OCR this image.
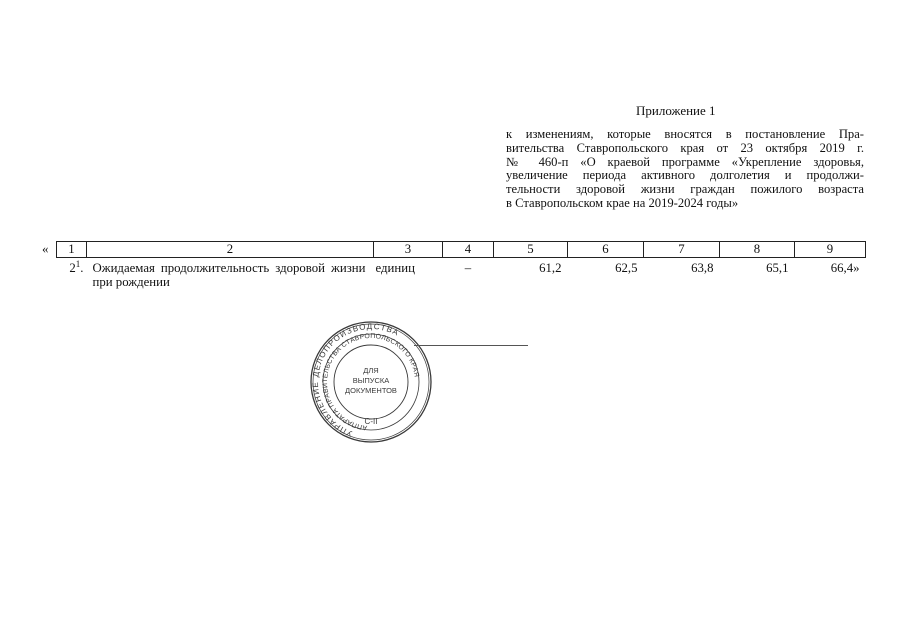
Приложение 1
к изменениям, которые вносятся в постановление Пра-
вительства Ставропольского края от 23 октября 2019 г.
№ 460-п «О краевой программе «Укрепление здоровья,
увеличение периода активного долголетия и продолжи-
тельности здоровой жизни граждан пожилого возраста
в Ставропольском крае на 2019-2024 годы»
« 1	2	3	4	5	6	7	8	9
$2^1$.	Ожидаемая продолжительность здоровой жизни при рождении	единиц	–	61,2	62,5	63,8	65,1	66,4»
УПРАВЛЕНИЕ ДЕЛОПРОИЗВОДСТВА
АППАРАТА ПРАВИТЕЛЬСТВА СТАВРОПОЛЬСКОГО КРАЯ
ДЛЯ
ВЫПУСКА
ДОКУМЕНТОВ
С-II
